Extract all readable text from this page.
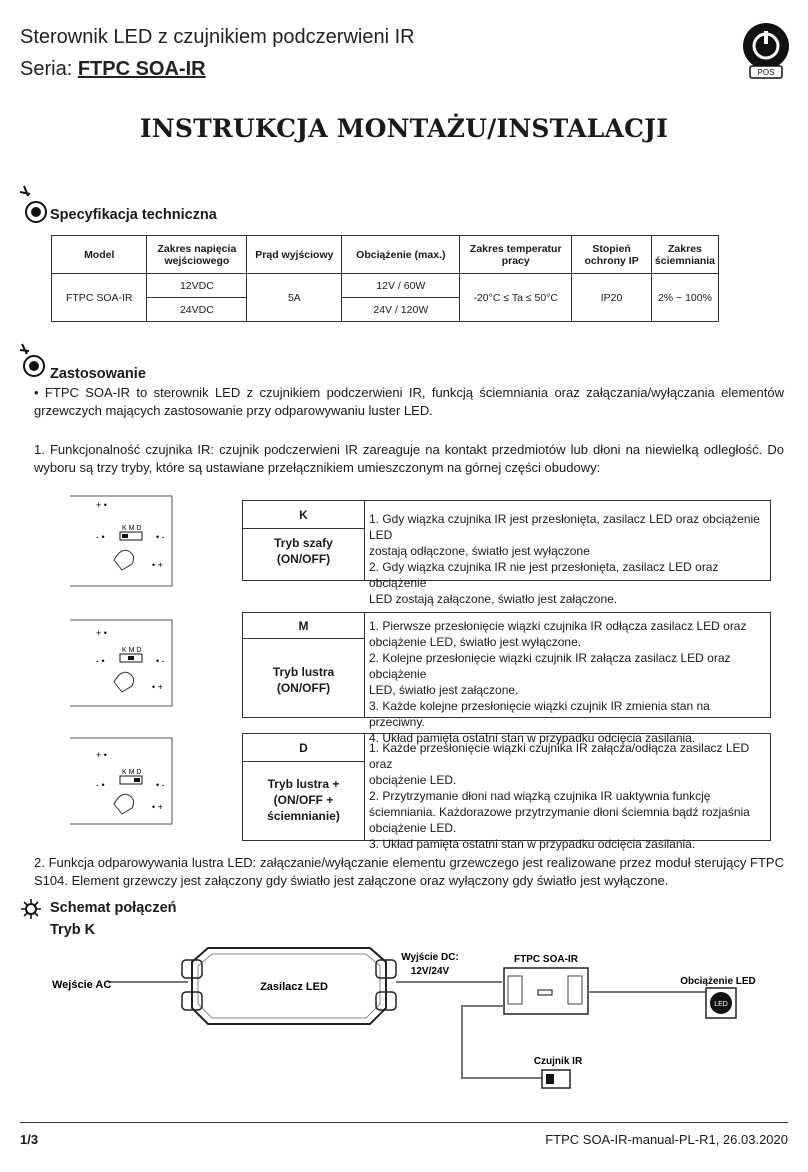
Sterownik LED z czujnikiem podczerwieni IR
Seria: FTPC SOA-IR	POS
INSTRUKCJA MONTAŻU/INSTALACJI
Specyfikacja techniczna
Model	Zakres napięcia wejściowego	Prąd wyjściowy	Obciążenie (max.)	Zakres temperatur pracy	Stopień ochrony IP	Zakres ściemniania
FTPC SOA-IR	12VDC	5A	12V / 60W	-20°C ≤ Ta ≤ 50°C	IP20	2% ~ 100%
	24VDC		24V / 120W			
Zastosowanie
• FTPC SOA-IR to sterownik LED z czujnikiem podczerwieni IR, funkcją ściemniania oraz załączania/wyłączania elementów grzewczych mających zastosowanie przy odparowywaniu luster LED.
1. Funkcjonalność czujnika IR: czujnik podczerwieni IR zareaguje na kontakt przedmiotów lub dłoni na niewielką odległość. Do wyboru są trzy tryby, które są ustawiane przełącznikiem umieszczonym na górnej części obudowy:
+ •
- •
K M D
• -
• +
+ •
- •
K M D
• -
• +
+ •
- •
K M D
• -
• +
K
Tryb szafy
(ON/OFF)
1. Gdy wiązka czujnika IR jest przesłonięta, zasilacz LED oraz obciążenie LED
zostają odłączone, światło jest wyłączone
2. Gdy wiązka czujnika IR nie jest przesłonięta, zasilacz LED oraz obciążenie
LED zostają załączone, światło jest załączone.
M
Tryb lustra
(ON/OFF)
1. Pierwsze przesłonięcie wiązki czujnika IR odłącza zasilacz LED oraz
obciążenie LED, światło jest wyłączone.
2. Kolejne przesłonięcie wiązki czujnik IR załącza zasilacz LED oraz obciążenie
LED, światło jest załączone.
3. Każde kolejne przesłonięcie wiązki czujnik IR zmienia stan na przeciwny.
4. Układ pamięta ostatni stan w przypadku odcięcia zasilania.
D
Tryb lustra +
(ON/OFF +
ściemnianie)
1. Każde przesłonięcie wiązki czujnika IR załącza/odłącza zasilacz LED oraz
obciążenie LED.
2. Przytrzymanie dłoni nad wiązką czujnika IR uaktywnia funkcję
ściemniania. Każdorazowe przytrzymanie dłoni ściemnia bądź rozjaśnia
obciążenie LED.
3. Układ pamięta ostatni stan w przypadku odcięcia zasilania.
2. Funkcja odparowywania lustra LED: załączanie/wyłączanie elementu grzewczego jest realizowane przez moduł sterujący FTPC S104. Element grzewczy jest załączony gdy światło jest załączone oraz wyłączony gdy światło jest wyłączone.
Schemat połączeń
Tryb K
Wejście AC	Zasilacz LED
Wyjście DC:
12V/24V
FTPC SOA-IR
Obciążenie LED
LED
Czujnik IR
1/3	FTPC SOA-IR-manual-PL-R1, 26.03.2020
